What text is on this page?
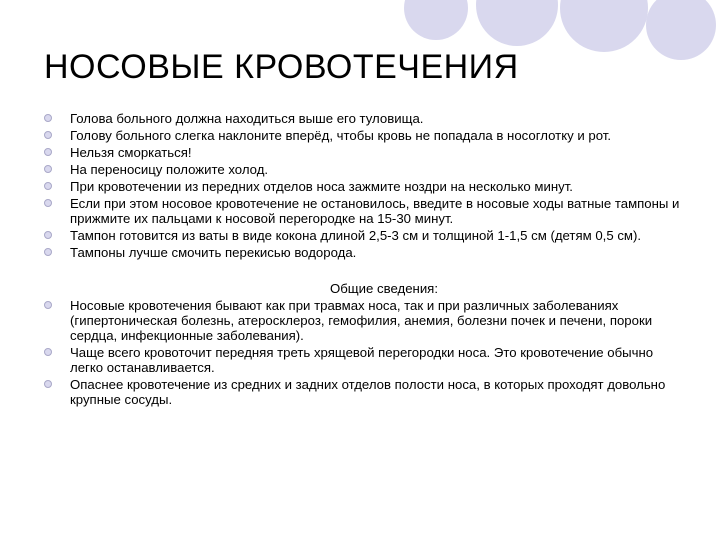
НОСОВЫЕ КРОВОТЕЧЕНИЯ
Голова больного должна находиться выше его туловища.
Голову больного слегка наклоните вперёд, чтобы кровь не попадала в носоглотку и рот.
Нельзя сморкаться!
На переносицу положите холод.
При кровотечении из передних отделов носа зажмите ноздри на несколько минут.
Если при этом носовое кровотечение не остановилось, введите в носовые ходы ватные тампоны и прижмите их пальцами к носовой перегородке на 15-30 минут.
Тампон готовится из ваты в виде кокона длиной 2,5-3 см и толщиной 1-1,5 см (детям 0,5 см).
Тампоны лучше смочить перекисью водорода.
Общие сведения:
Носовые кровотечения бывают как при травмах носа, так и при различных заболеваниях (гипертоническая болезнь, атеросклероз, гемофилия, анемия, болезни почек и печени, пороки сердца, инфекционные заболевания).
Чаще всего кровоточит передняя треть хрящевой перегородки носа. Это кровотечение обычно легко останавливается.
Опаснее кровотечение из средних и задних отделов полости носа, в которых проходят довольно крупные сосуды.
